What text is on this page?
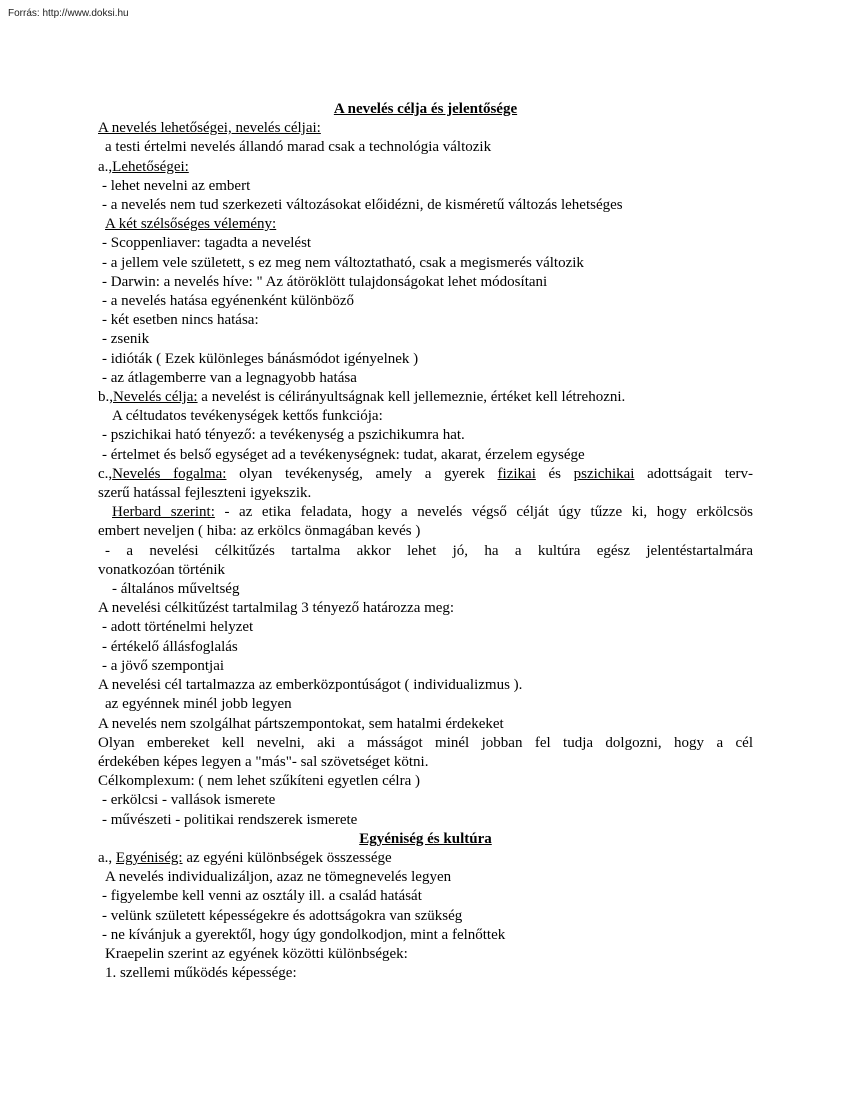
Forrás: http://www.doksi.hu
A nevelés célja és jelentősége
A nevelés lehetőségei, nevelés céljai:
a testi értelmi nevelés állandó marad csak a technológia változik
a.,Lehetőségei:
- lehet nevelni az embert
- a nevelés nem tud szerkezeti változásokat előidézni, de kisméretű változás lehetséges
A két szélsőséges vélemény:
- Scoppenliaver: tagadta a nevelést
- a jellem vele született, s ez meg nem változtatható, csak a megismerés változik
- Darwin: a nevelés híve: " Az átöröklött tulajdonságokat lehet módosítani
- a nevelés hatása egyénenként különböző
- két esetben nincs hatása:
- zsenik
- idióták ( Ezek különleges bánásmódot igényelnek )
- az átlagemberre van a legnagyobb hatása
b.,Nevelés célja: a nevelést is célirányultságnak kell jellemeznie, értéket kell létrehozni.
A céltudatos tevékenységek kettős funkciója:
- pszichikai ható tényező: a tevékenység a pszichikumra hat.
- értelmet és belső egységet ad a tevékenységnek: tudat, akarat, érzelem egysége
c.,Nevelés fogalma: olyan tevékenység, amely a gyerek fizikai és pszichikai adottságait terv-
szerű hatással fejleszteni igyekszik.
Herbard szerint: - az etika feladata, hogy a nevelés végső célját úgy tűzze ki, hogy erkölcsös
embert neveljen ( hiba: az erkölcs önmagában kevés )
- a nevelési célkitűzés tartalma akkor lehet jó, ha a kultúra egész jelentéstartalmára
vonatkozóan történik
- általános műveltség
A nevelési célkitűzést tartalmilag 3 tényező határozza meg:
- adott történelmi helyzet
- értékelő állásfoglalás
- a jövő szempontjai
A nevelési cél tartalmazza az emberközpontúságot ( individualizmus ).
az egyénnek minél jobb legyen
A nevelés nem szolgálhat pártszempontokat, sem hatalmi érdekeket
Olyan embereket kell nevelni, aki a másságot minél jobban fel tudja dolgozni, hogy a cél
érdekében képes legyen a "más"- sal szövetséget kötni.
Célkomplexum: ( nem lehet szűkíteni egyetlen célra )
- erkölcsi - vallások ismerete
- művészeti - politikai rendszerek ismerete
Egyéniség és kultúra
a., Egyéniség: az egyéni különbségek összessége
A nevelés individualizáljon, azaz ne tömegnevelés legyen
- figyelembe kell venni az osztály ill. a család hatását
- velünk született képességekre és adottságokra van szükség
- ne kívánjuk a gyerektől, hogy úgy gondolkodjon, mint a felnőttek
Kraepelin szerint az egyének közötti különbségek:
1. szellemi működés képessége:
